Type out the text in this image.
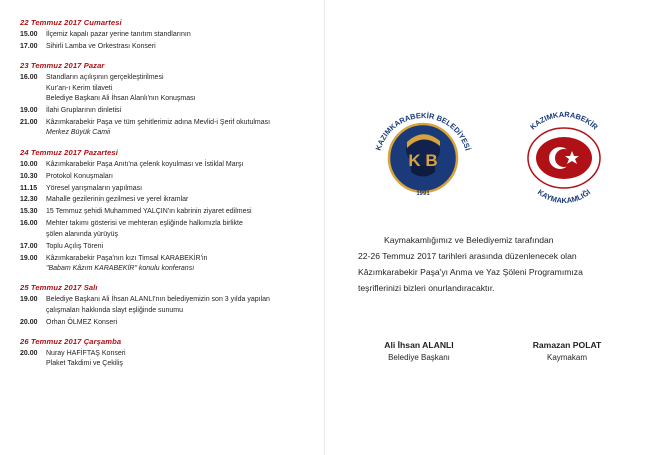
22 Temmuz 2017 Cumartesi
15.00	İlçemiz kapalı pazar yerine tanıtım standlarının
17.00	Sihirli Lamba ve Orkestrası Konseri
23 Temmuz 2017 Pazar
16.00	Standların açılışının gerçekleştirilmesi
Kur'an-ı Kerim tilaveti
Belediye Başkanı Ali İhsan Alanlı'nın Konuşması
19.00	İlahi Gruplarının dinletisi
21.00	Kâzımkarabekir Paşa ve tüm şehitlerimiz adına Mevlid-i Şerif okutulması
Merkez Büyük Camii
24 Temmuz 2017 Pazartesi
10.00	Kâzımkarabekir Paşa Anıtı'na çelenk koyulması ve İstiklal Marşı
10.30	Protokol Konuşmaları
11.15	Yöresel yarışmaların yapılması
12.30	Mahalle gezilerinin gezilmesi ve yerel ikramlar
15.30	15 Temmuz şehidi Muhammed YALÇIN'ın kabrinin ziyaret edilmesi
16.00	Mehter takımı gösterisi ve mehteran eşliğinde halkımızla birlikte
şölen alanında yürüyüş
17.00	Toplu Açılış Töreni
19.00	Kâzımkarabekir Paşa'nın kızı Timsal KARABEKİR'in
"Babam Kâzım KARABEKİR" konulu konferansı
25 Temmuz 2017 Salı
19.00	Belediye Başkanı Ali İhsan ALANLI'nın belediyemizin son 3 yılda yapılan
çalışmaları hakkında slayt eşliğinde sunumu
20.00	Orhan ÖLMEZ Konseri
26 Temmuz 2017 Çarşamba
20.00	Nuray HAFİFTAŞ Konseri
Plaket Takdimi ve Çekiliş
K B
KAZIMKARABEKİR BELEDİYESİ
1991
KAZIMKARABEKİR
KAYMAKAMLIĞI
Kaymakamlığımız ve Belediyemiz tarafından
22-26 Temmuz 2017 tarihleri arasında düzenlenecek olan
Kâzımkarabekir Paşa'yı Anma ve Yaz Şöleni Programımıza
teşriflerinizi bizleri onurlandıracaktır.
Ali İhsan ALANLI
Belediye Başkanı
Ramazan POLAT
Kaymakam
